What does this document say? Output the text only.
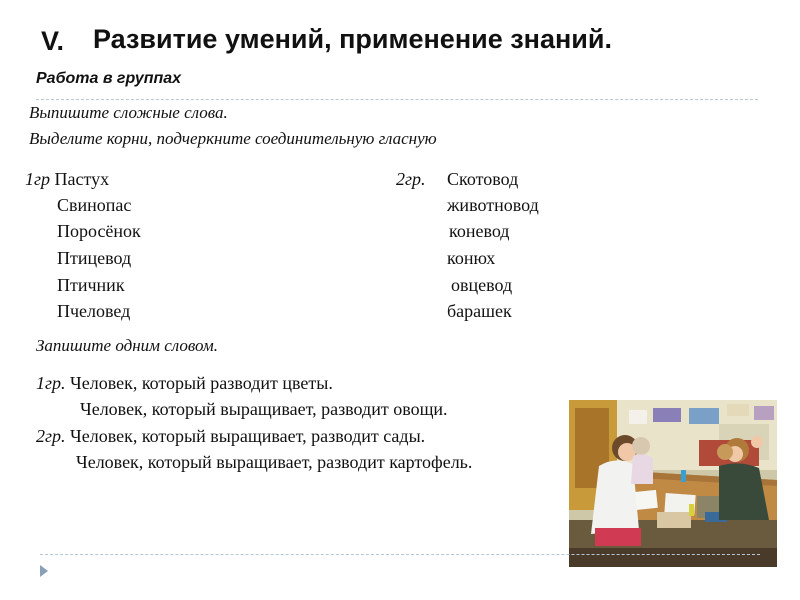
V. Развитие умений, применение знаний.
Работа в группах
Выпишите сложные слова.
Выделите корни, подчеркните соединительную гласную
1гр Пастух
Свинопас
Поросёнок
Птицевод
Птичник
Пчеловед
2гр. Скотовод
животновод
коневод
конюх
овцевод
барашек
Запишите одним словом.
1гр. Человек, который разводит цветы.
Человек, который выращивает, разводит овощи.
2гр. Человек, который выращивает, разводит сады.
Человек, который выращивает, разводит картофель.
